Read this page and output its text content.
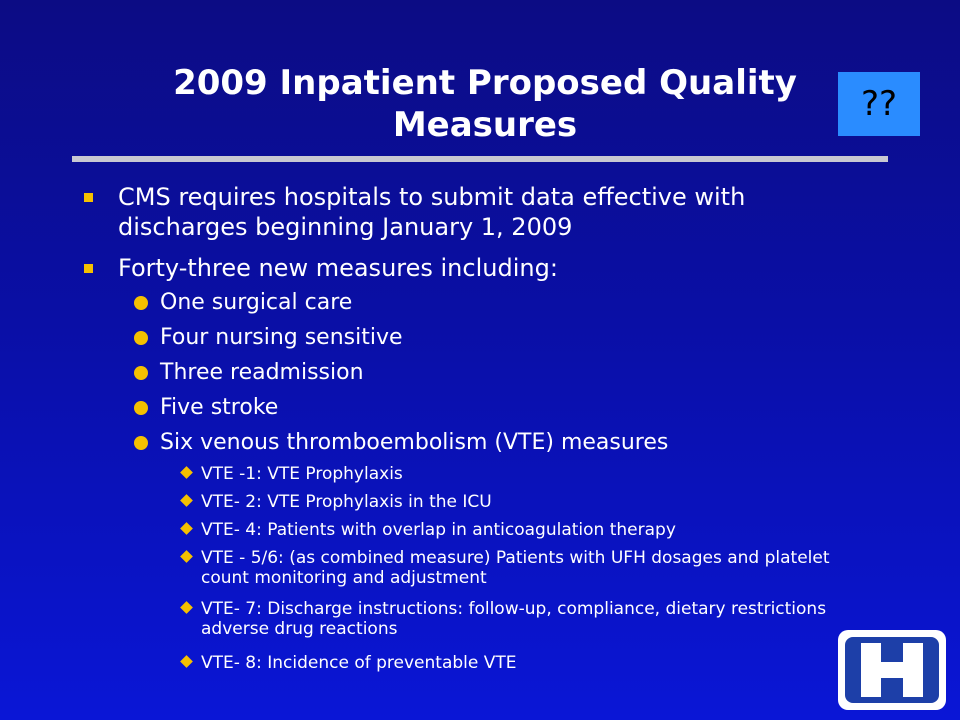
2009 Inpatient Proposed Quality Measures
??
CMS requires hospitals to submit data effective with discharges beginning January 1, 2009
Forty-three new measures including:
One surgical care
Four nursing sensitive
Three readmission
Five stroke
Six venous thromboembolism (VTE) measures
VTE -1: VTE Prophylaxis
VTE- 2: VTE Prophylaxis in the ICU
VTE- 4: Patients with overlap in anticoagulation therapy
VTE - 5/6: (as combined measure) Patients with UFH dosages and platelet count monitoring and adjustment
VTE- 7: Discharge instructions: follow-up, compliance, dietary restrictions adverse drug reactions
VTE- 8: Incidence of preventable VTE
